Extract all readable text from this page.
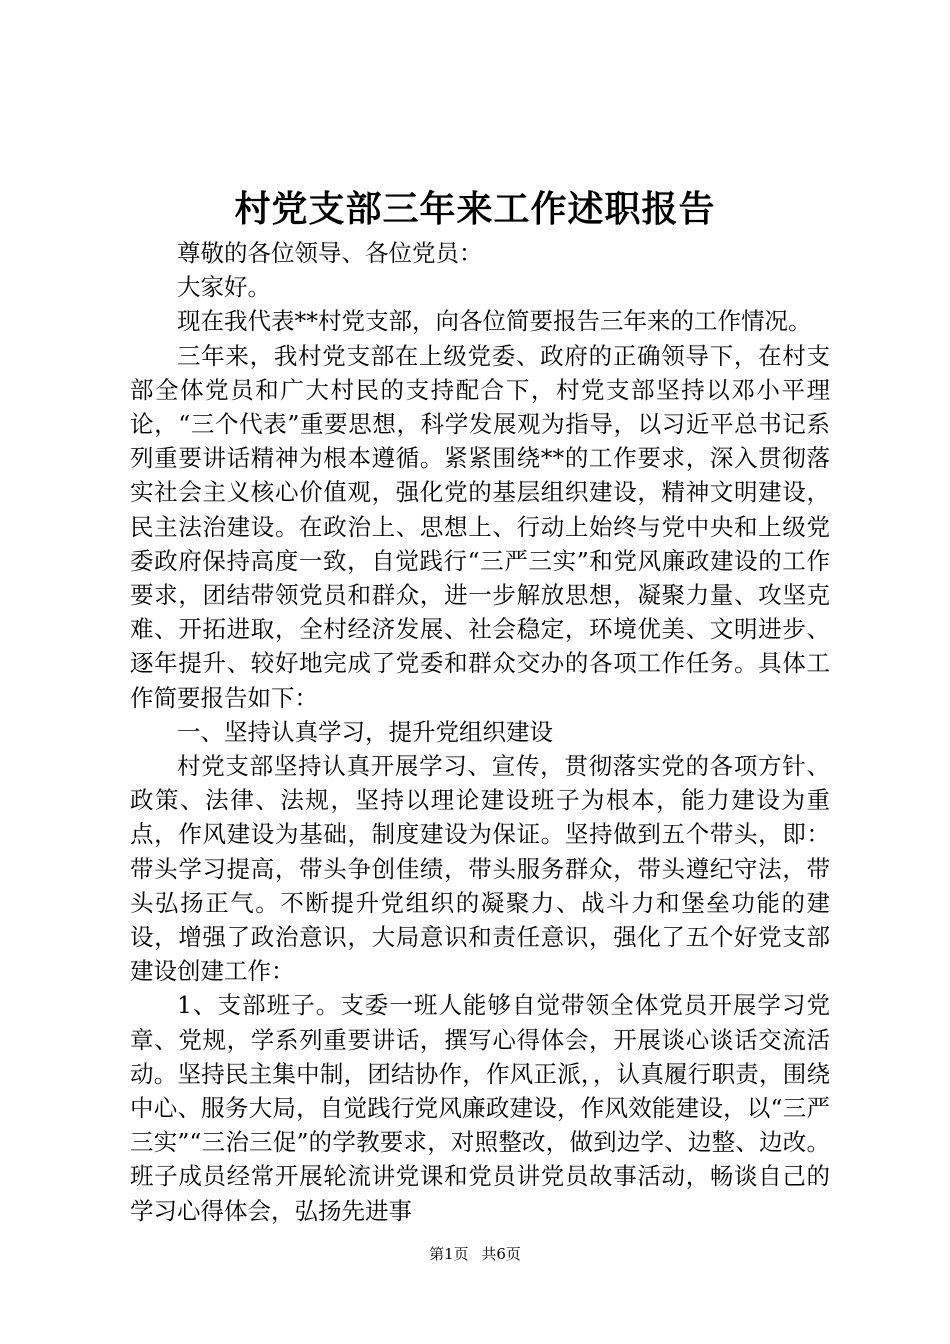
村党支部三年来工作述职报告

尊敬的各位领导、各位党员：

大家好。

现在我代表**村党支部，向各位简要报告三年来的工作情况。

三年来，我村党支部在上级党委、政府的正确领导下，在村支部全体党员和广大村民的支持配合下，村党支部坚持以邓小平理论，“三个代表”重要思想，科学发展观为指导，以习近平总书记系列重要讲话精神为根本遵循。紧紧围绕**的工作要求，深入贯彻落实社会主义核心价值观，强化党的基层组织建设，精神文明建设，民主法治建设。在政治上、思想上、行动上始终与党中央和上级党委政府保持高度一致，自觉践行“三严三实”和党风廉政建设的工作要求，团结带领党员和群众，进一步解放思想，凝聚力量、攻坚克难、开拓进取，全村经济发展、社会稳定，环境优美、文明进步、逐年提升、较好地完成了党委和群众交办的各项工作任务。具体工作简要报告如下：

一、坚持认真学习，提升党组织建设

村党支部坚持认真开展学习、宣传，贯彻落实党的各项方针、政策、法律、法规，坚持以理论建设班子为根本，能力建设为重点，作风建设为基础，制度建设为保证。坚持做到五个带头，即：带头学习提高，带头争创佳绩，带头服务群众，带头遵纪守法，带头弘扬正气。不断提升党组织的凝聚力、战斗力和堡垒功能的建设，增强了政治意识，大局意识和责任意识，强化了五个好党支部建设创建工作：

1、支部班子。支委一班人能够自觉带领全体党员开展学习党章、党规，学系列重要讲话，撰写心得体会，开展谈心谈话交流活动。坚持民主集中制，团结协作，作风正派，，认真履行职责，围绕中心、服务大局，自觉践行党风廉政建设，作风效能建设，以“三严三实”“三治三促”的学教要求，对照整改，做到边学、边整、边改。班子成员经常开展轮流讲党课和党员讲党员故事活动，畅谈自己的学习心得体会，弘扬先进事

第1页 共6页
